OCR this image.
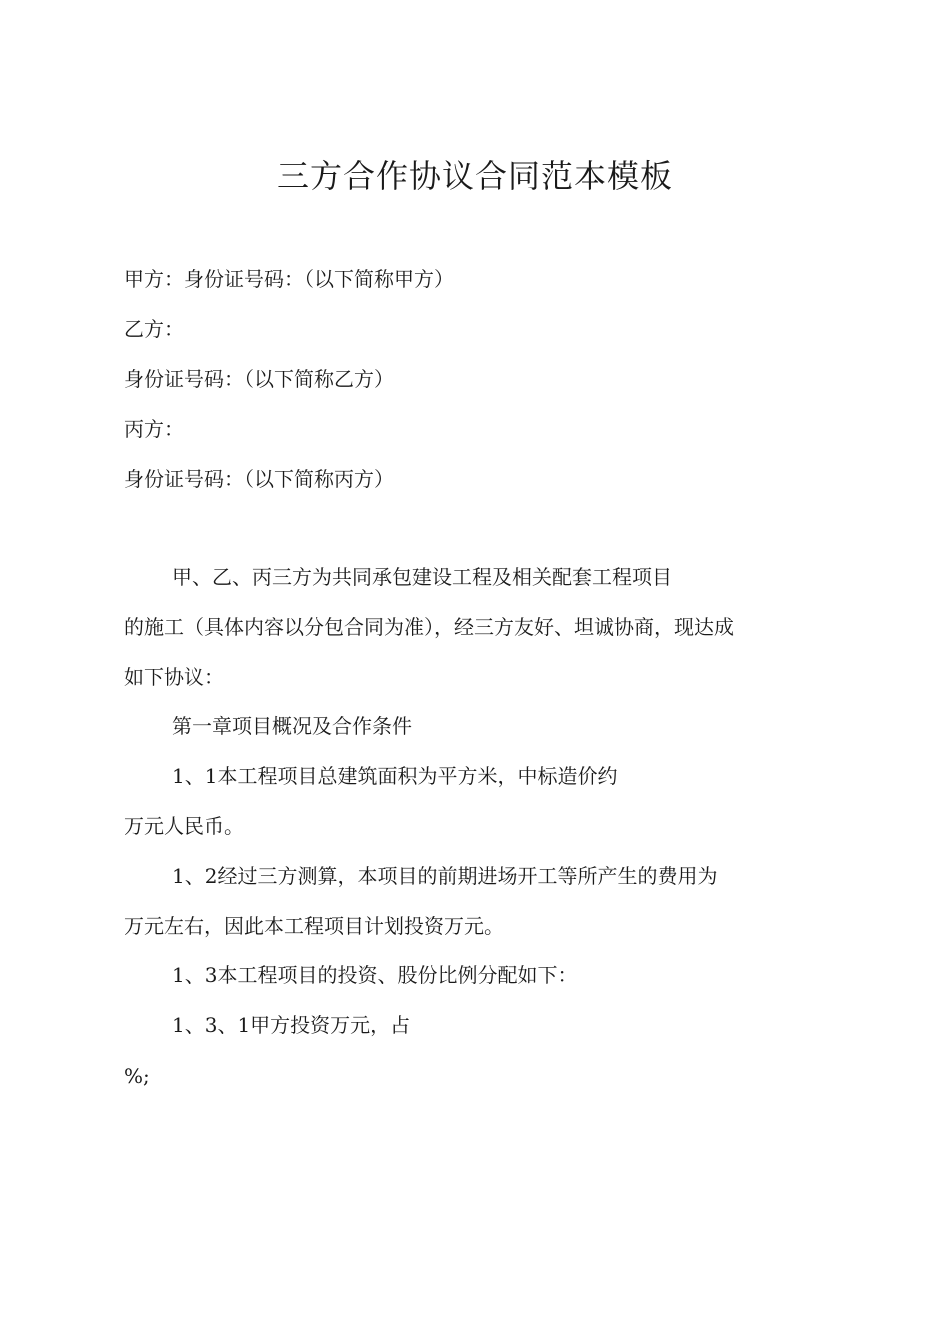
三方合作协议合同范本模板

甲方：身份证号码：（以下简称甲方）

乙方：

身份证号码：（以下简称乙方）

丙方：

身份证号码：（以下简称丙方）

甲、乙、丙三方为共同承包建设工程及相关配套工程项目

的施工（具体内容以分包合同为准），经三方友好、坦诚协商，现达成

如下协议：

第一章项目概况及合作条件

1、1本工程项目总建筑面积为平方米，中标造价约

万元人民币。

1、2经过三方测算，本项目的前期进场开工等所产生的费用为

万元左右，因此本工程项目计划投资万元。

1、3本工程项目的投资、股份比例分配如下：

1、3、1甲方投资万元，占

%;
